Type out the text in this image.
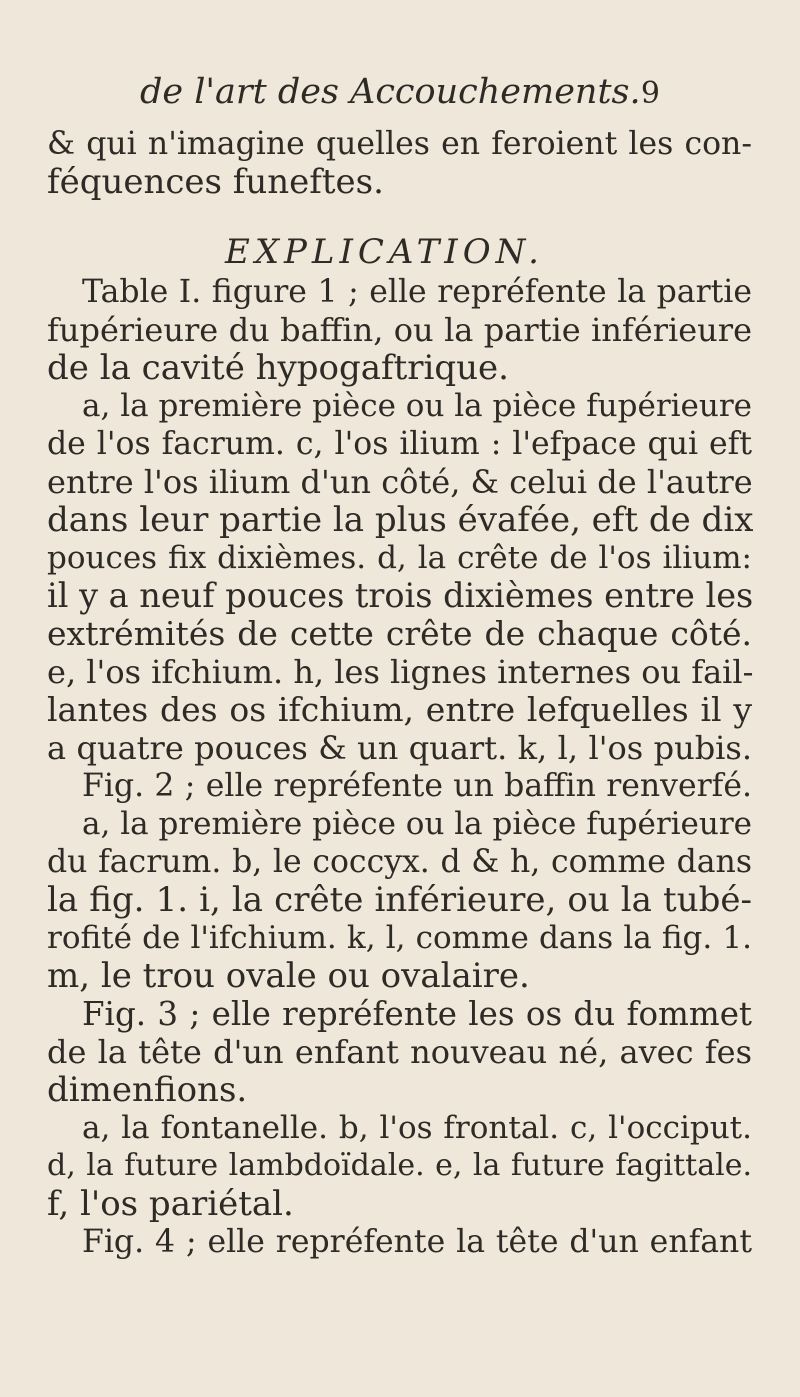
de l'art des Accouchements. 9
& qui n'imagine quelles en feroient les con-
féquences funeftes.
EXPLICATION.
Table I. figure 1 ; elle repréfente la partie
fupérieure du baffin, ou la partie inférieure
de la cavité hypogaftrique.
a, la première pièce ou la pièce fupérieure
de l'os facrum. c, l'os ilium : l'efpace qui eft
entre l'os ilium d'un côté, & celui de l'autre
dans leur partie la plus évafée, eft de dix
pouces fix dixièmes. d, la crête de l'os ilium:
il y a neuf pouces trois dixièmes entre les
extrémités de cette crête de chaque côté.
e, l'os ifchium. h, les lignes internes ou fail-
lantes des os ifchium, entre lefquelles il y
a quatre pouces & un quart. k, l, l'os pubis.
Fig. 2 ; elle repréfente un baffin renverfé.
a, la première pièce ou la pièce fupérieure
du facrum. b, le coccyx. d & h, comme dans
la fig. 1. i, la crête inférieure, ou la tubé-
rofité de l'ifchium. k, l, comme dans la fig. 1.
m, le trou ovale ou ovalaire.
Fig. 3 ; elle repréfente les os du fommet
de la tête d'un enfant nouveau né, avec fes
dimenfions.
a, la fontanelle. b, l'os frontal. c, l'occiput.
d, la future lambdoïdale. e, la future fagittale.
f, l'os pariétal.
Fig. 4 ; elle repréfente la tête d'un enfant
